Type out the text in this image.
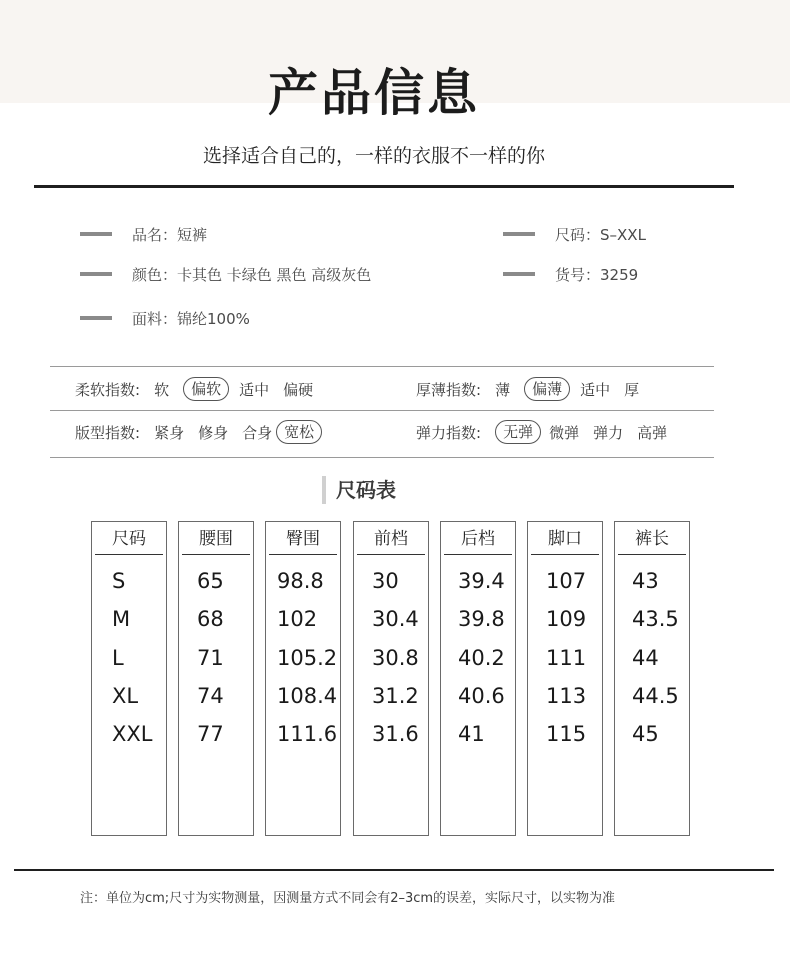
产品信息
选择适合自己的，一样的衣服不一样的你
品名：短裤
颜色：卡其色 卡绿色 黑色 高级灰色
面料：锦纶100%
尺码：S–XXL
货号：3259
柔软指数: 软	偏软	适中 偏硬	厚薄指数: 薄	偏薄	适中 厚
版型指数: 紧身 修身 合身 宽松	弹力指数:	无弹	微弹 弹力 高弹
尺码表
尺码	腰围	臀围	前档	后档	脚口	裤长
S	65	98.8 30	39.4 107 43
M	68	102	30.4 39.8 109 43.5
L	71	105.2 30.8 40.2 111 44
XL	74	108.4 31.2 40.6 113 44.5
XXL 77	111.6 31.6 41	115 45
注：单位为cm;尺寸为实物测量，因测量方式不同会有2–3cm的误差，实际尺寸，以实物为准
